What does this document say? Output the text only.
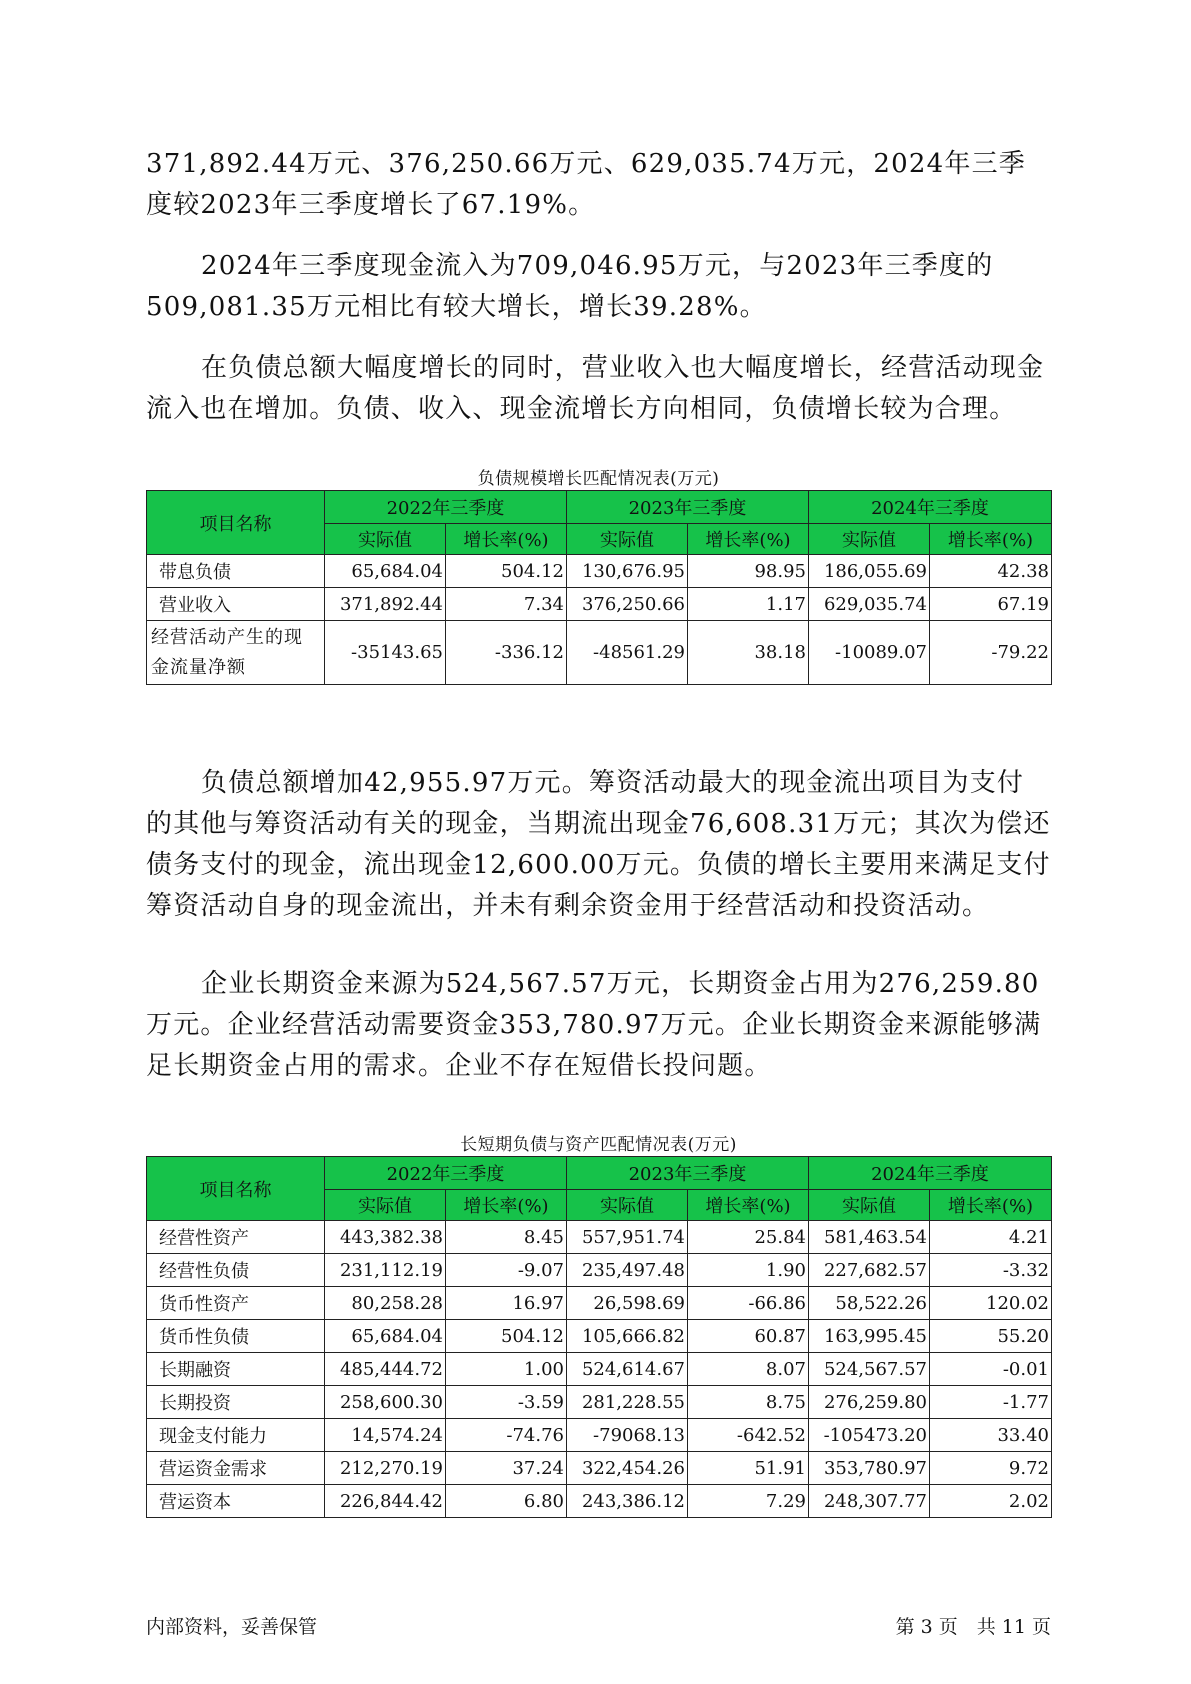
371,892.44万元、376,250.66万元、629,035.74万元，2024年三季度较2023年三季度增长了67.19%。

2024年三季度现金流入为709,046.95万元，与2023年三季度的509,081.35万元相比有较大增长，增长39.28%。

在负债总额大幅度增长的同时，营业收入也大幅度增长，经营活动现金流入也在增加。负债、收入、现金流增长方向相同，负债增长较为合理。

负债规模增长匹配情况表(万元)

项目名称	2022年三季度		2023年三季度		2024年三季度	
	实际值	增长率(%)	实际值	增长率(%)	实际值	增长率(%)
带息负债	65,684.04	504.12	130,676.95	98.95	186,055.69	42.38
营业收入	371,892.44	7.34	376,250.66	1.17	629,035.74	67.19
经营活动产生的现金流量净额	-35143.65	-336.12	-48561.29	38.18	-10089.07	-79.22

负债总额增加42,955.97万元。筹资活动最大的现金流出项目为支付的其他与筹资活动有关的现金，当期流出现金76,608.31万元；其次为偿还债务支付的现金，流出现金12,600.00万元。负债的增长主要用来满足支付筹资活动自身的现金流出，并未有剩余资金用于经营活动和投资活动。

企业长期资金来源为524,567.57万元，长期资金占用为276,259.80万元。企业经营活动需要资金353,780.97万元。企业长期资金来源能够满足长期资金占用的需求。企业不存在短借长投问题。

长短期负债与资产匹配情况表(万元)

项目名称	2022年三季度		2023年三季度		2024年三季度	
	实际值	增长率(%)	实际值	增长率(%)	实际值	增长率(%)
经营性资产	443,382.38	8.45	557,951.74	25.84	581,463.54	4.21
经营性负债	231,112.19	-9.07	235,497.48	1.90	227,682.57	-3.32
货币性资产	80,258.28	16.97	26,598.69	-66.86	58,522.26	120.02
货币性负债	65,684.04	504.12	105,666.82	60.87	163,995.45	55.20
长期融资	485,444.72	1.00	524,614.67	8.07	524,567.57	-0.01
长期投资	258,600.30	-3.59	281,228.55	8.75	276,259.80	-1.77
现金支付能力	14,574.24	-74.76	-79068.13	-642.52	-105473.20	33.40
营运资金需求	212,270.19	37.24	322,454.26	51.91	353,780.97	9.72
营运资本	226,844.42	6.80	243,386.12	7.29	248,307.77	2.02

内部资料，妥善保管	第 3 页　共 11 页
